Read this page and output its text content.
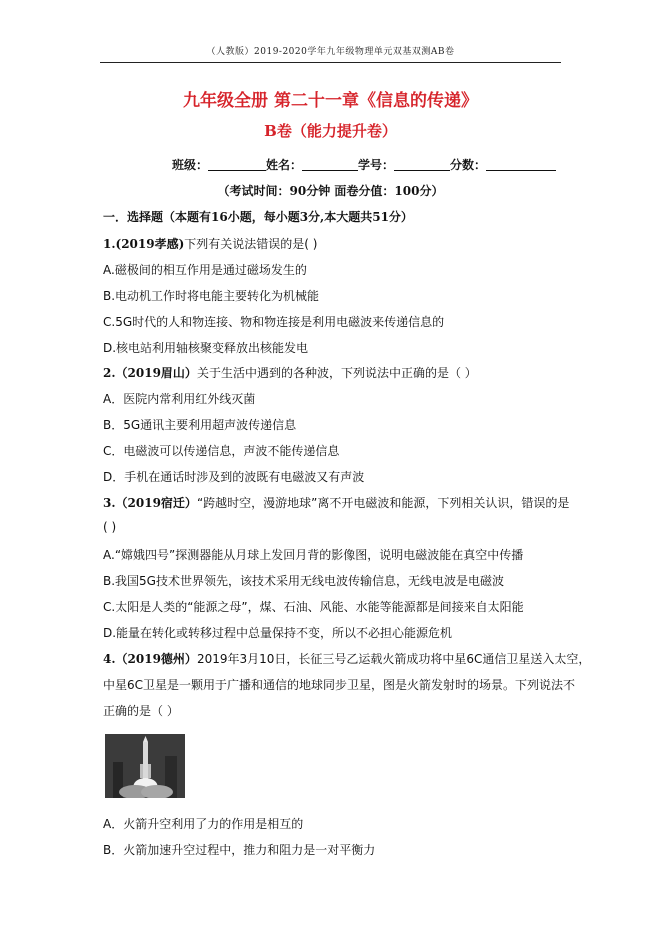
（人教版）2019-2020学年九年级物理单元双基双测AB卷
九年级全册 第二十一章《信息的传递》
B卷（能力提升卷）
班级：	姓名：	学号：	分数：
（考试时间：90分钟 面卷分值：100分）
一．选择题（本题有16小题，每小题3分,本大题共51分）
1.(2019孝感)下列有关说法错误的是( )
A.磁极间的相互作用是通过磁场发生的
B.电动机工作时将电能主要转化为机械能
C.5G时代的人和物连接、物和物连接是利用电磁波来传递信息的
D.核电站利用轴核聚变释放出核能发电
2.（2019眉山）关于生活中遇到的各种波，下列说法中正确的是（ ）
A．医院内常利用红外线灭菌
B．5G通讯主要利用超声波传递信息
C．电磁波可以传递信息，声波不能传递信息
D．手机在通话时涉及到的波既有电磁波又有声波
3.（2019宿迁）“跨越时空，漫游地球”离不开电磁波和能源，下列相关认识，错误的是
( )
A.“嫦娥四号”探测器能从月球上发回月背的影像图，说明电磁波能在真空中传播
B.我国5G技术世界领先，该技术采用无线电波传输信息，无线电波是电磁波
C.太阳是人类的“能源之母”，煤、石油、风能、水能等能源都是间接来自太阳能
D.能量在转化或转移过程中总量保持不变，所以不必担心能源危机
4.（2019德州）2019年3月10日，长征三号乙运载火箭成功将中星6C通信卫星送入太空，
中星6C卫星是一颗用于广播和通信的地球同步卫星，图是火箭发射时的场景。下列说法不
正确的是（ ）
A．火箭升空利用了力的作用是相互的
B．火箭加速升空过程中，推力和阻力是一对平衡力
